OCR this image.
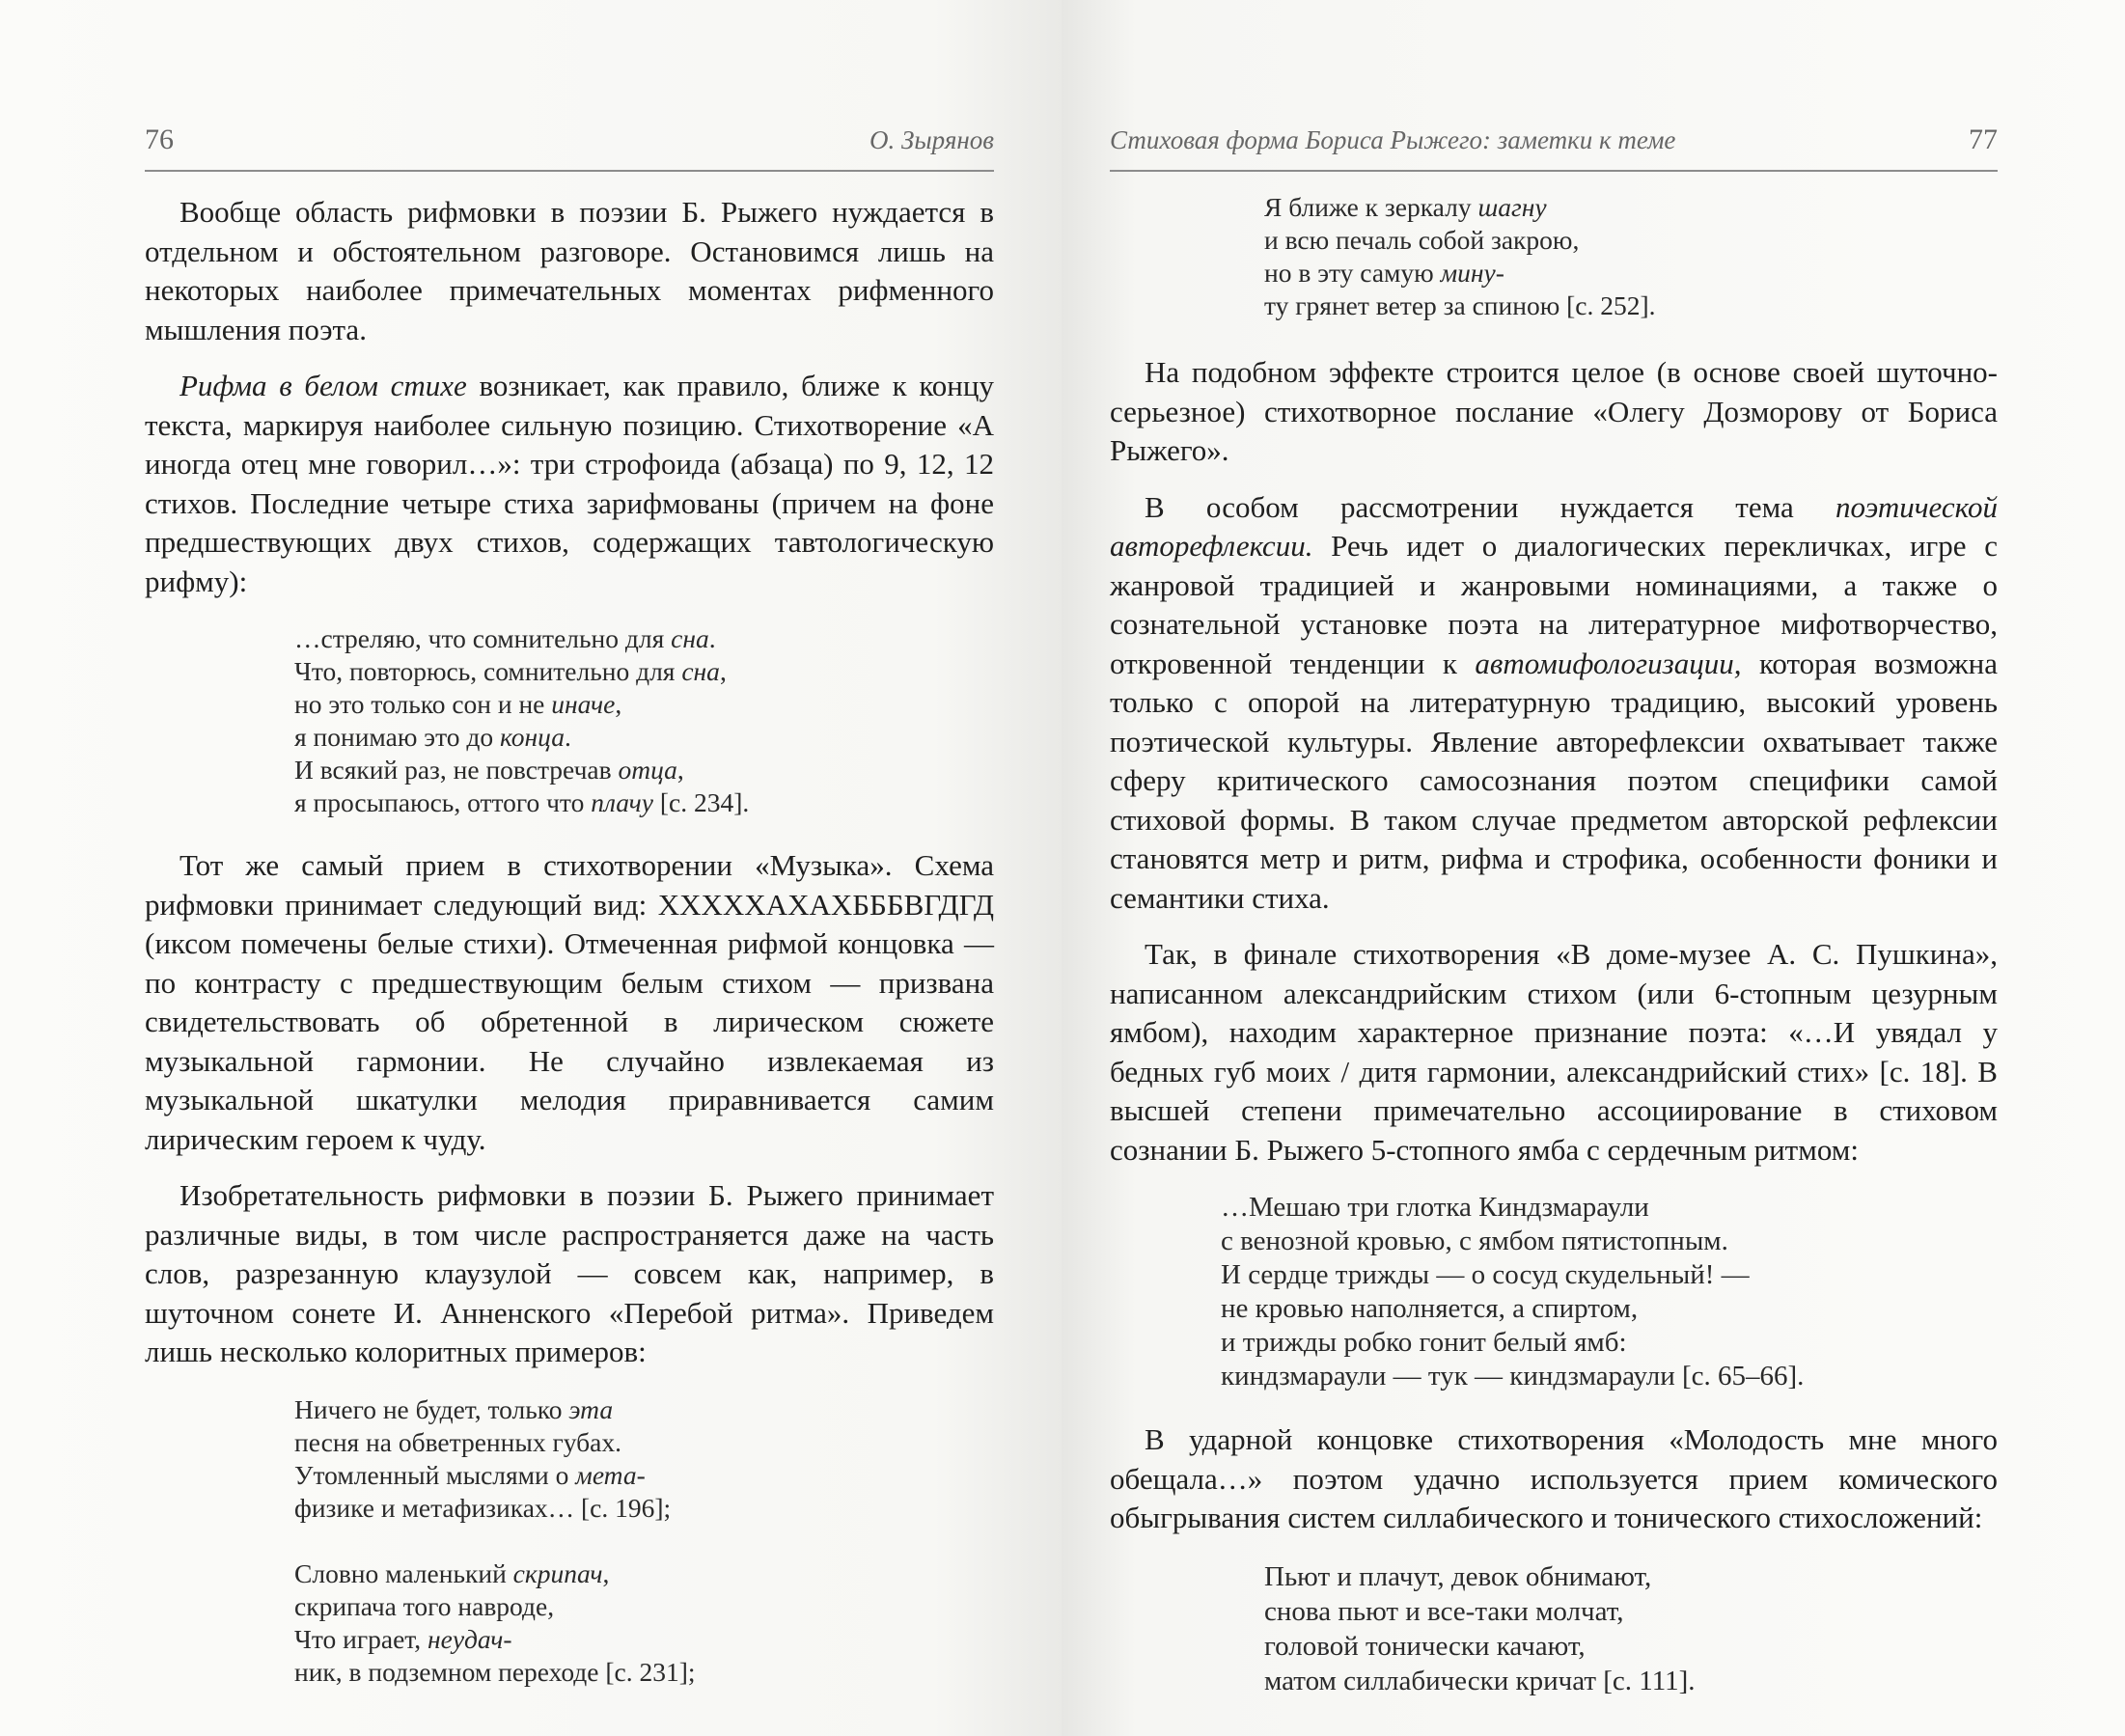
76	О. Зырянов

Вообще область рифмовки в поэзии Б. Рыжего нуждается в отдельном и обстоятельном разговоре. Остановимся лишь на некоторых наиболее примечательных моментах рифменного мышления поэта.

Рифма в белом стихе возникает, как правило, ближе к концу текста, маркируя наиболее сильную позицию. Стихотворение «А иногда отец мне говорил…»: три строфоида (абзаца) по 9, 12, 12 стихов. Последние четыре стиха зарифмованы (причем на фоне предшествующих двух стихов, содержащих тавтологическую рифму):

…стреляю, что сомнительно для сна.
Что, повторюсь, сомнительно для сна,
но это только сон и не иначе,
я понимаю это до конца.
И всякий раз, не повстречав отца,
я просыпаюсь, оттого что плачу [с. 234].

Тот же самый прием в стихотворении «Музыка». Схема рифмовки принимает следующий вид: ХХХХХАХАХБББВГДГД (иксом помечены белые стихи). Отмеченная рифмой концовка — по контрасту с предшествующим белым стихом — призвана свидетельствовать об обретенной в лирическом сюжете музыкальной гармонии. Не случайно извлекаемая из музыкальной шкатулки мелодия приравнивается самим лирическим героем к чуду.

Изобретательность рифмовки в поэзии Б. Рыжего принимает различные виды, в том числе распространяется даже на часть слов, разрезанную клаузулой — совсем как, например, в шуточном сонете И. Анненского «Перебой ритма». Приведем лишь несколько колоритных примеров:

Ничего не будет, только эта
песня на обветренных губах.
Утомленный мыслями о мета-
физике и метафизиках… [с. 196];
Словно маленький скрипач,
скрипача того навроде,
Что играет, неудач-
ник, в подземном переходе [с. 231];
Стиховая форма Бориса Рыжего: заметки к теме	77
Я ближе к зеркалу шагну
и всю печаль собой закрою,
но в эту самую мину-
ту грянет ветер за спиною [с. 252].

На подобном эффекте строится целое (в основе своей шуточно-серьезное) стихотворное послание «Олегу Дозморову от Бориса Рыжего».

В особом рассмотрении нуждается тема поэтической авторефлексии. Речь идет о диалогических перекличках, игре с жанровой традицией и жанровыми номинациями, а также о сознательной установке поэта на литературное мифотворчество, откровенной тенденции к автомифологизации, которая возможна только с опорой на литературную традицию, высокий уровень поэтической культуры. Явление авторефлексии охватывает также сферу критического самосознания поэтом специфики самой стиховой формы. В таком случае предметом авторской рефлексии становятся метр и ритм, рифма и строфика, особенности фоники и семантики стиха.

Так, в финале стихотворения «В доме-музее А. С. Пушкина», написанном александрийским стихом (или 6-стопным цезурным ямбом), находим характерное признание поэта: «…И увядал у бедных губ моих / дитя гармонии, александрийский стих» [с. 18]. В высшей степени примечательно ассоциирование в стиховом сознании Б. Рыжего 5-стопного ямба с сердечным ритмом:

…Мешаю три глотка Киндзмараули
с венозной кровью, с ямбом пятистопным.
И сердце трижды — о сосуд скудельный! —
не кровью наполняется, а спиртом,
и трижды робко гонит белый ямб:
киндзмараули — тук — киндзмараули [с. 65–66].

В ударной концовке стихотворения «Молодость мне много обещала…» поэтом удачно используется прием комического обыгрывания систем силлабического и тонического стихосложений:

Пьют и плачут, девок обнимают,
снова пьют и все-таки молчат,
головой тонически качают,
матом силлабически кричат [с. 111].
